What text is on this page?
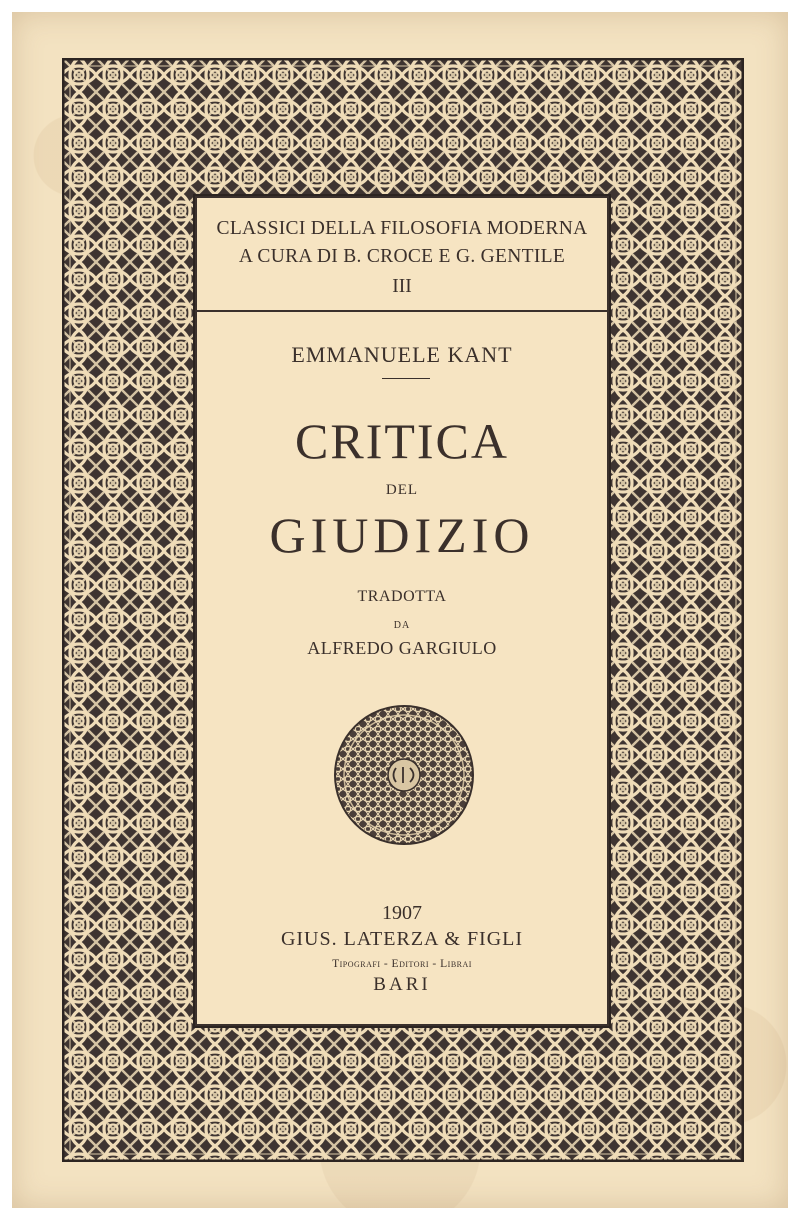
CLASSICI DELLA FILOSOFIA MODERNA
A CURA DI B. CROCE E G. GENTILE
III
EMMANUELE KANT
CRITICA
DEL
GIUDIZIO
TRADOTTA
DA
ALFREDO GARGIULO
1907
GIUS. LATERZA & FIGLI
Tipografi - Editori - Librai
BARI
